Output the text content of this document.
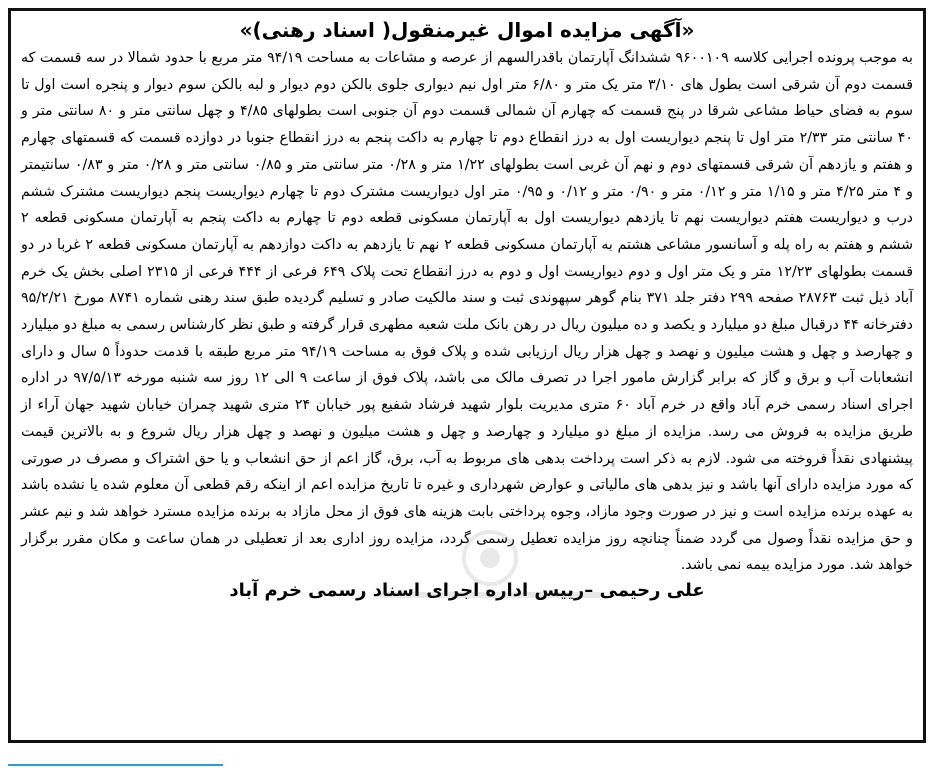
«آگهی مزایده اموال غیرمنقول( اسناد رهنی)»

به موجب پرونده اجرایی کلاسه ۹۶۰۰۱۰۹ ششدانگ آپارتمان باقدرالسهم از عرصه و مشاعات به مساحت ۹۴/۱۹ متر مربع با حدود شمالا در سه قسمت که قسمت دوم آن شرقی است بطول های ۳/۱۰ متر یک متر و ۶/۸۰ متر اول نیم دیواری جلوی بالکن دوم دیوار و لبه بالکن سوم دیوار و پنجره است اول تا سوم به فضای حیاط مشاعی شرقا در پنج قسمت که چهارم آن شمالی قسمت دوم آن جنوبی است بطولهای ۴/۸۵ و چهل سانتی متر و ۸۰ سانتی متر و ۴۰ سانتی متر ۲/۳۳ متر اول تا پنجم دیواریست اول به درز انقطاع دوم تا چهارم به داکت پنجم به درز انقطاع جنوبا در دوازده قسمت که قسمتهای چهارم و هفتم و یازدهم آن شرقی قسمتهای دوم و نهم آن غربی است بطولهای ۱/۲۲ متر و ۰/۲۸ متر سانتی متر و ۰/۸۵ سانتی متر و ۰/۲۸ متر و ۰/۸۳ سانتیمتر و ۴ متر ۴/۲۵ متر و ۱/۱۵ متر و ۰/۱۲ متر و ۰/۹۰ متر و ۰/۱۲ و ۰/۹۵ متر اول دیواریست مشترک دوم تا چهارم دیواریست پنجم دیواریست مشترک ششم درب و دیواریست هفتم دیواریست نهم تا یازدهم دیواریست اول به آپارتمان مسکونی قطعه دوم تا چهارم به داکت پنجم به آپارتمان مسکونی قطعه ۲ ششم و هفتم به راه پله و آسانسور مشاعی هشتم به آپارتمان مسکونی قطعه ۲ نهم تا یازدهم به داکت دوازدهم به آپارتمان مسکونی قطعه ۲ غربا در دو قسمت بطولهای ۱۲/۲۳ متر و یک متر اول و دوم دیواریست اول و دوم به درز انقطاع تحت پلاک ۶۴۹ فرعی از ۴۴۴ فرعی از ۲۳۱۵ اصلی بخش یک خرم آباد ذیل ثبت ۲۸۷۶۳ صفحه ۲۹۹ دفتر جلد ۳۷۱ بنام گوهر سپهوندی ثبت و سند مالکیت صادر و تسلیم گردیده طبق سند رهنی شماره ۸۷۴۱ مورخ ۹۵/۲/۲۱ دفترخانه ۴۴ درقبال مبلغ دو میلیارد و یکصد و ده میلیون ریال در رهن بانک ملت شعبه مطهری قرار گرفته و طبق نظر کارشناس رسمی به مبلغ دو میلیارد و چهارصد و چهل و هشت میلیون و نهصد و چهل هزار ریال ارزیابی شده و پلاک فوق به مساحت ۹۴/۱۹ متر مربع طبقه با قدمت حدوداً ۵ سال و دارای انشعابات آب و برق و گاز که برابر گزارش مامور اجرا در تصرف مالک می باشد، پلاک فوق از ساعت ۹ الی ۱۲ روز سه شنبه مورخه ۹۷/۵/۱۳ در اداره اجرای اسناد رسمی خرم آباد واقع در خرم آباد ۶۰ متری مدیریت بلوار شهید فرشاد شفیع پور خیابان ۲۴ متری شهید چمران خیابان شهید جهان آراء از طریق مزایده به فروش می رسد. مزایده از مبلغ دو میلیارد و چهارصد و چهل و هشت میلیون و نهصد و چهل هزار ریال شروع و به بالاترین قیمت پیشنهادی نقداً فروخته می شود. لازم به ذکر است پرداخت بدهی های مربوط به آب، برق، گاز اعم از حق انشعاب و یا حق اشتراک و مصرف در صورتی که مورد مزایده دارای آنها باشد و نیز بدهی های مالیاتی و عوارض شهرداری و غیره تا تاریخ مزایده اعم از اینکه رقم قطعی آن معلوم شده یا نشده باشد به عهده برنده مزایده است و نیز در صورت وجود مازاد، وجوه پرداختی بابت هزینه های فوق از محل مازاد به برنده مزایده مسترد خواهد شد و نیم عشر و حق مزایده نقداً وصول می گردد ضمناً چنانچه روز مزایده تعطیل رسمی گردد، مزایده روز اداری بعد از تعطیلی در همان ساعت و مکان مقرر برگزار خواهد شد. مورد مزایده بیمه نمی باشد.

علی رحیمی –رییس اداره اجرای اسناد رسمی خرم آباد
